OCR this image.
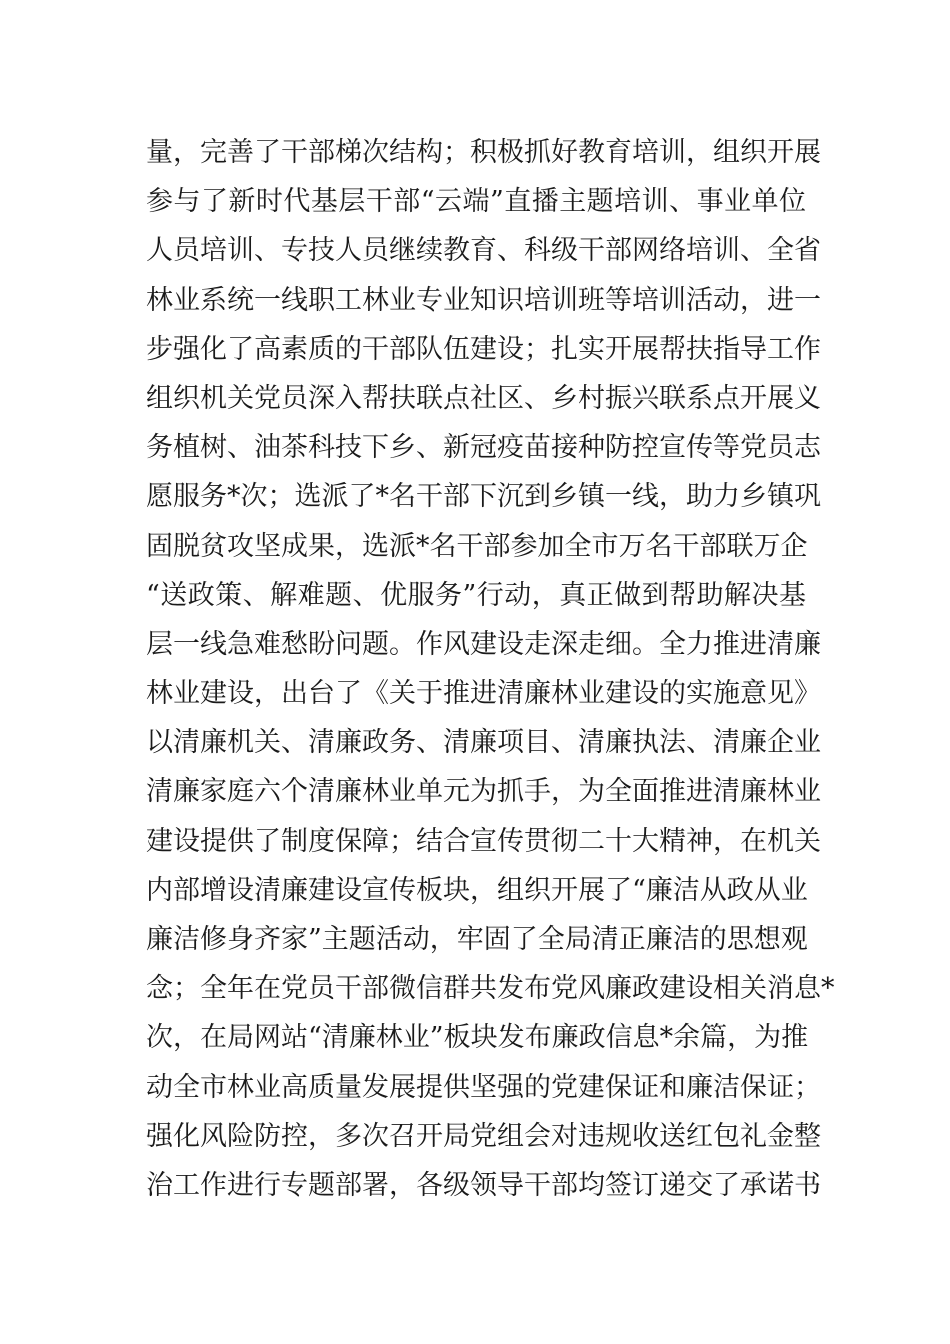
量，完善了干部梯次结构；积极抓好教育培训，组织开展
参与了新时代基层干部“云端”直播主题培训、事业单位
人员培训、专技人员继续教育、科级干部网络培训、全省
林业系统一线职工林业专业知识培训班等培训活动，进一
步强化了高素质的干部队伍建设；扎实开展帮扶指导工作
组织机关党员深入帮扶联点社区、乡村振兴联系点开展义
务植树、油茶科技下乡、新冠疫苗接种防控宣传等党员志
愿服务*次；选派了*名干部下沉到乡镇一线，助力乡镇巩
固脱贫攻坚成果，选派*名干部参加全市万名干部联万企
“送政策、解难题、优服务”行动，真正做到帮助解决基
层一线急难愁盼问题。作风建设走深走细。全力推进清廉
林业建设，出台了《关于推进清廉林业建设的实施意见》
以清廉机关、清廉政务、清廉项目、清廉执法、清廉企业
清廉家庭六个清廉林业单元为抓手，为全面推进清廉林业
建设提供了制度保障；结合宣传贯彻二十大精神，在机关
内部增设清廉建设宣传板块，组织开展了“廉洁从政从业
廉洁修身齐家”主题活动，牢固了全局清正廉洁的思想观
念；全年在党员干部微信群共发布党风廉政建设相关消息*
次，在局网站“清廉林业”板块发布廉政信息*余篇，为推
动全市林业高质量发展提供坚强的党建保证和廉洁保证；
强化风险防控，多次召开局党组会对违规收送红包礼金整
治工作进行专题部署，各级领导干部均签订递交了承诺书
